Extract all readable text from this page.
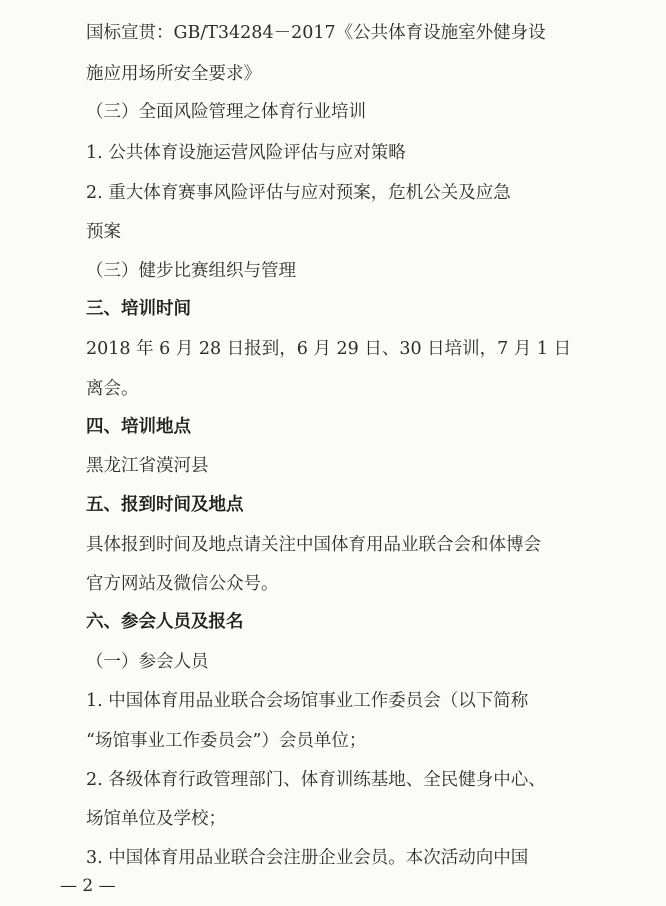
国标宣贯：GB/T34284－2017《公共体育设施室外健身设
施应用场所安全要求》
（三）全面风险管理之体育行业培训
1. 公共体育设施运营风险评估与应对策略
2. 重大体育赛事风险评估与应对预案，危机公关及应急
预案
（三）健步比赛组织与管理
三、培训时间
2018 年 6 月 28 日报到，6 月 29 日、30 日培训，7 月 1 日
离会。
四、培训地点
黑龙江省漠河县
五、报到时间及地点
具体报到时间及地点请关注中国体育用品业联合会和体博会
官方网站及微信公众号。
六、参会人员及报名
（一）参会人员
1. 中国体育用品业联合会场馆事业工作委员会（以下简称
“场馆事业工作委员会”）会员单位；
2. 各级体育行政管理部门、体育训练基地、全民健身中心、
场馆单位及学校；
3. 中国体育用品业联合会注册企业会员。本次活动向中国
— 2 —
